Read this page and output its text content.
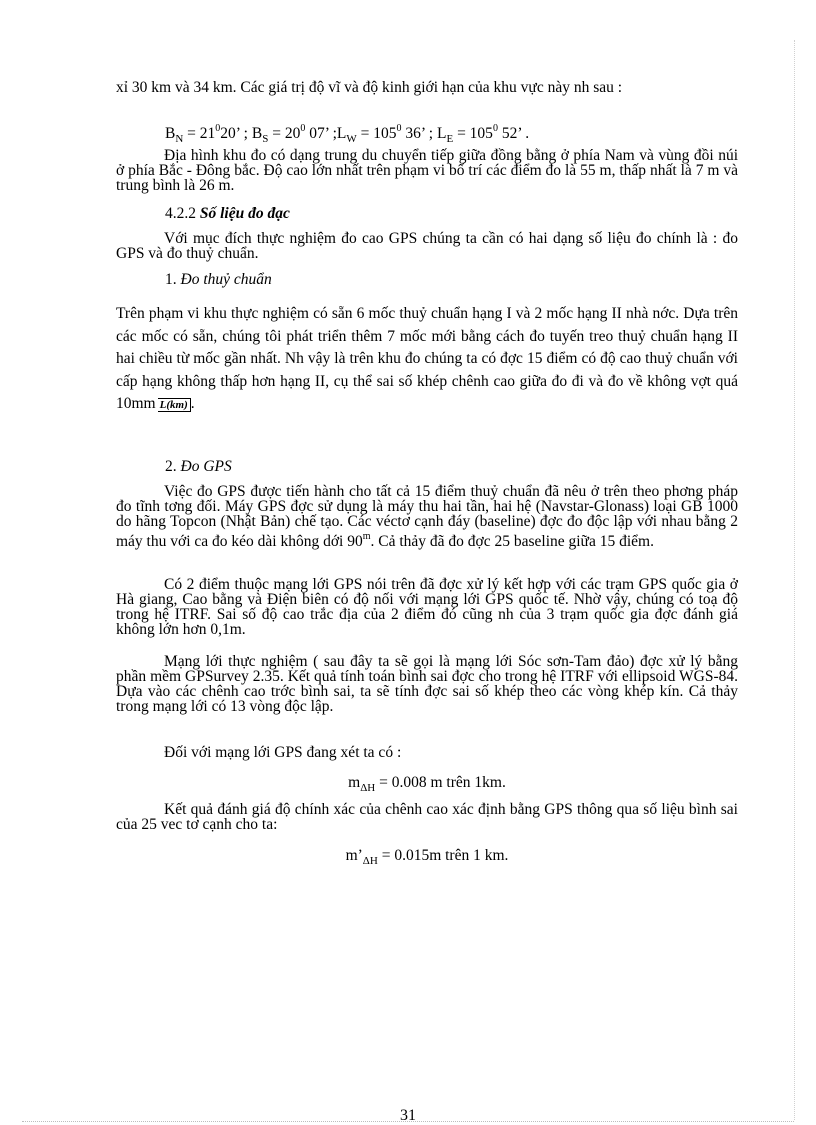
xỉ 30 km và 34 km. Các giá trị độ vĩ và độ kinh giới hạn của khu vực này nh sau :

$B_N = 21^020$’ ; $B_S = 20^0$ 07’ $;L_W = 105^0$ 36’ ; $L_E = 105^0$ 52’ .

Địa hình khu đo có dạng trung du chuyển tiếp giữa đồng bằng ở phía Nam và vùng đồi núi ở phía Bắc - Đông bắc. Độ cao lớn nhất trên phạm vi bố trí các điểm đo là 55 m, thấp nhất là 7 m và trung bình là 26 m.

4.2.2 Số liệu đo đạc

Với mục đích thực nghiệm đo cao GPS chúng ta cần có hai dạng số liệu đo chính là : đo GPS và đo thuỷ chuẩn.

1. Đo thuỷ chuẩn

Trên phạm vi khu thực nghiệm có sẵn 6 mốc thuỷ chuẩn hạng I và 2 mốc hạng II nhà nớc. Dựa trên các mốc có sẵn, chúng tôi phát triển thêm 7 mốc mới bằng cách đo tuyến treo thuỷ chuẩn hạng II hai chiều từ mốc gần nhất. Nh vậy là trên khu đo chúng ta có đợc 15 điểm có độ cao thuỷ chuẩn với cấp hạng không thấp hơn hạng II, cụ thể sai số khép chênh cao giữa đo đi và đo về không vợt quá 10mm L(km) .

2. Đo GPS

Việc đo GPS được tiến hành cho tất cả 15 điểm thuỷ chuẩn đã nêu ở trên theo phơng pháp đo tĩnh tơng đối. Máy GPS đợc sử dụng là máy thu hai tần, hai hệ (Navstar-Glonass) loại GB 1000 do hãng Topcon (Nhật Bản) chế tạo. Các véctơ cạnh đáy (baseline) đợc đo độc lập với nhau bằng 2 máy thu với ca đo kéo dài không dới 90$^m$. Cả thảy đã đo đợc 25 baseline giữa 15 điểm.

Có 2 điểm thuộc mạng lới GPS nói trên đã đợc xử lý kết hợp với các trạm GPS quốc gia ở Hà giang, Cao bằng và Điện biên có độ nối với mạng lới GPS quốc tế. Nhờ vậy, chúng có toạ độ trong hệ ITRF. Sai số độ cao trắc địa của 2 điểm đó cũng nh của 3 trạm quốc gia đợc đánh giá không lớn hơn 0,1m.

Mạng lới thực nghiệm ( sau đây ta sẽ gọi là mạng lới Sóc sơn-Tam đảo) đợc xử lý bằng phần mềm GPSurvey 2.35. Kết quả tính toán bình sai đợc cho trong hệ ITRF với ellipsoid WGS-84. Dựa vào các chênh cao trớc bình sai, ta sẽ tính đợc sai số khép theo các vòng khép kín. Cả thảy trong mạng lới có 13 vòng độc lập.

Đối với mạng lới GPS đang xét ta có :

$m_{\Delta H} = 0.008$ m trên 1km.

Kết quả đánh giá độ chính xác của chênh cao xác định bằng GPS thông qua số liệu bình sai của 25 vec tơ cạnh cho ta:

$m’_{\Delta H} = 0.015m$ trên 1 km.

31
